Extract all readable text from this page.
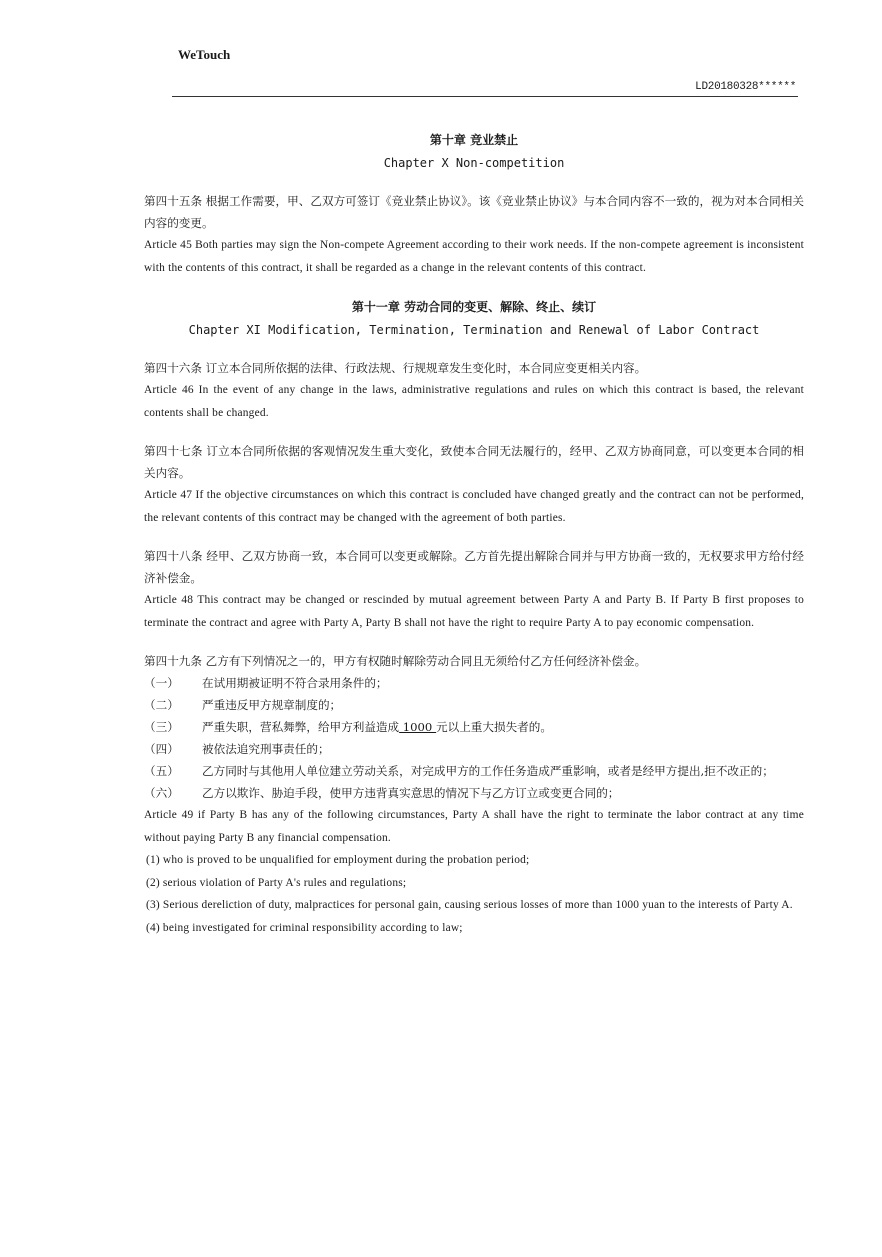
WeTouch
LD20180328******
第十章 竞业禁止
Chapter X Non-competition

第四十五条 根据工作需要，甲、乙双方可签订《竞业禁止协议》。该《竞业禁止协议》与本合同内容不一致的，视为对本合同相关内容的变更。

Article 45 Both parties may sign the Non-compete Agreement according to their work needs. If the non-compete agreement is inconsistent with the contents of this contract, it shall be regarded as a change in the relevant contents of this contract.

第十一章 劳动合同的变更、解除、终止、续订
Chapter XI Modification, Termination, Termination and Renewal of Labor Contract

第四十六条 订立本合同所依据的法律、行政法规、行规规章发生变化时，本合同应变更相关内容。

Article 46 In the event of any change in the laws, administrative regulations and rules on which this contract is based, the relevant contents shall be changed.

第四十七条 订立本合同所依据的客观情况发生重大变化，致使本合同无法履行的，经甲、乙双方协商同意，可以变更本合同的相关内容。

Article 47 If the objective circumstances on which this contract is concluded have changed greatly and the contract can not be performed, the relevant contents of this contract may be changed with the agreement of both parties.

第四十八条 经甲、乙双方协商一致，本合同可以变更或解除。乙方首先提出解除合同并与甲方协商一致的，无权要求甲方给付经济补偿金。

Article 48 This contract may be changed or rescinded by mutual agreement between Party A and Party B. If Party B first proposes to terminate the contract and agree with Party A, Party B shall not have the right to require Party A to pay economic compensation.

第四十九条 乙方有下列情况之一的，甲方有权随时解除劳动合同且无须给付乙方任何经济补偿金。

（一）	在试用期被证明不符合录用条件的；
（二）	严重违反甲方规章制度的；
（三）	严重失职，营私舞弊，给甲方利益造成 1000 元以上重大损失者的。
（四）	被依法追究刑事责任的；
（五）	乙方同时与其他用人单位建立劳动关系，对完成甲方的工作任务造成严重影响，或者是经甲方提出,拒不改正的；
（六）	乙方以欺诈、胁迫手段，使甲方违背真实意思的情况下与乙方订立或变更合同的；

Article 49 if Party B has any of the following circumstances, Party A shall have the right to terminate the labor contract at any time without paying Party B any financial compensation.

(1) who is proved to be unqualified for employment during the probation period;
(2) serious violation of Party A's rules and regulations;
(3) Serious dereliction of duty, malpractices for personal gain, causing serious losses of more than 1000 yuan to the interests of Party A.
(4) being investigated for criminal responsibility according to law;
